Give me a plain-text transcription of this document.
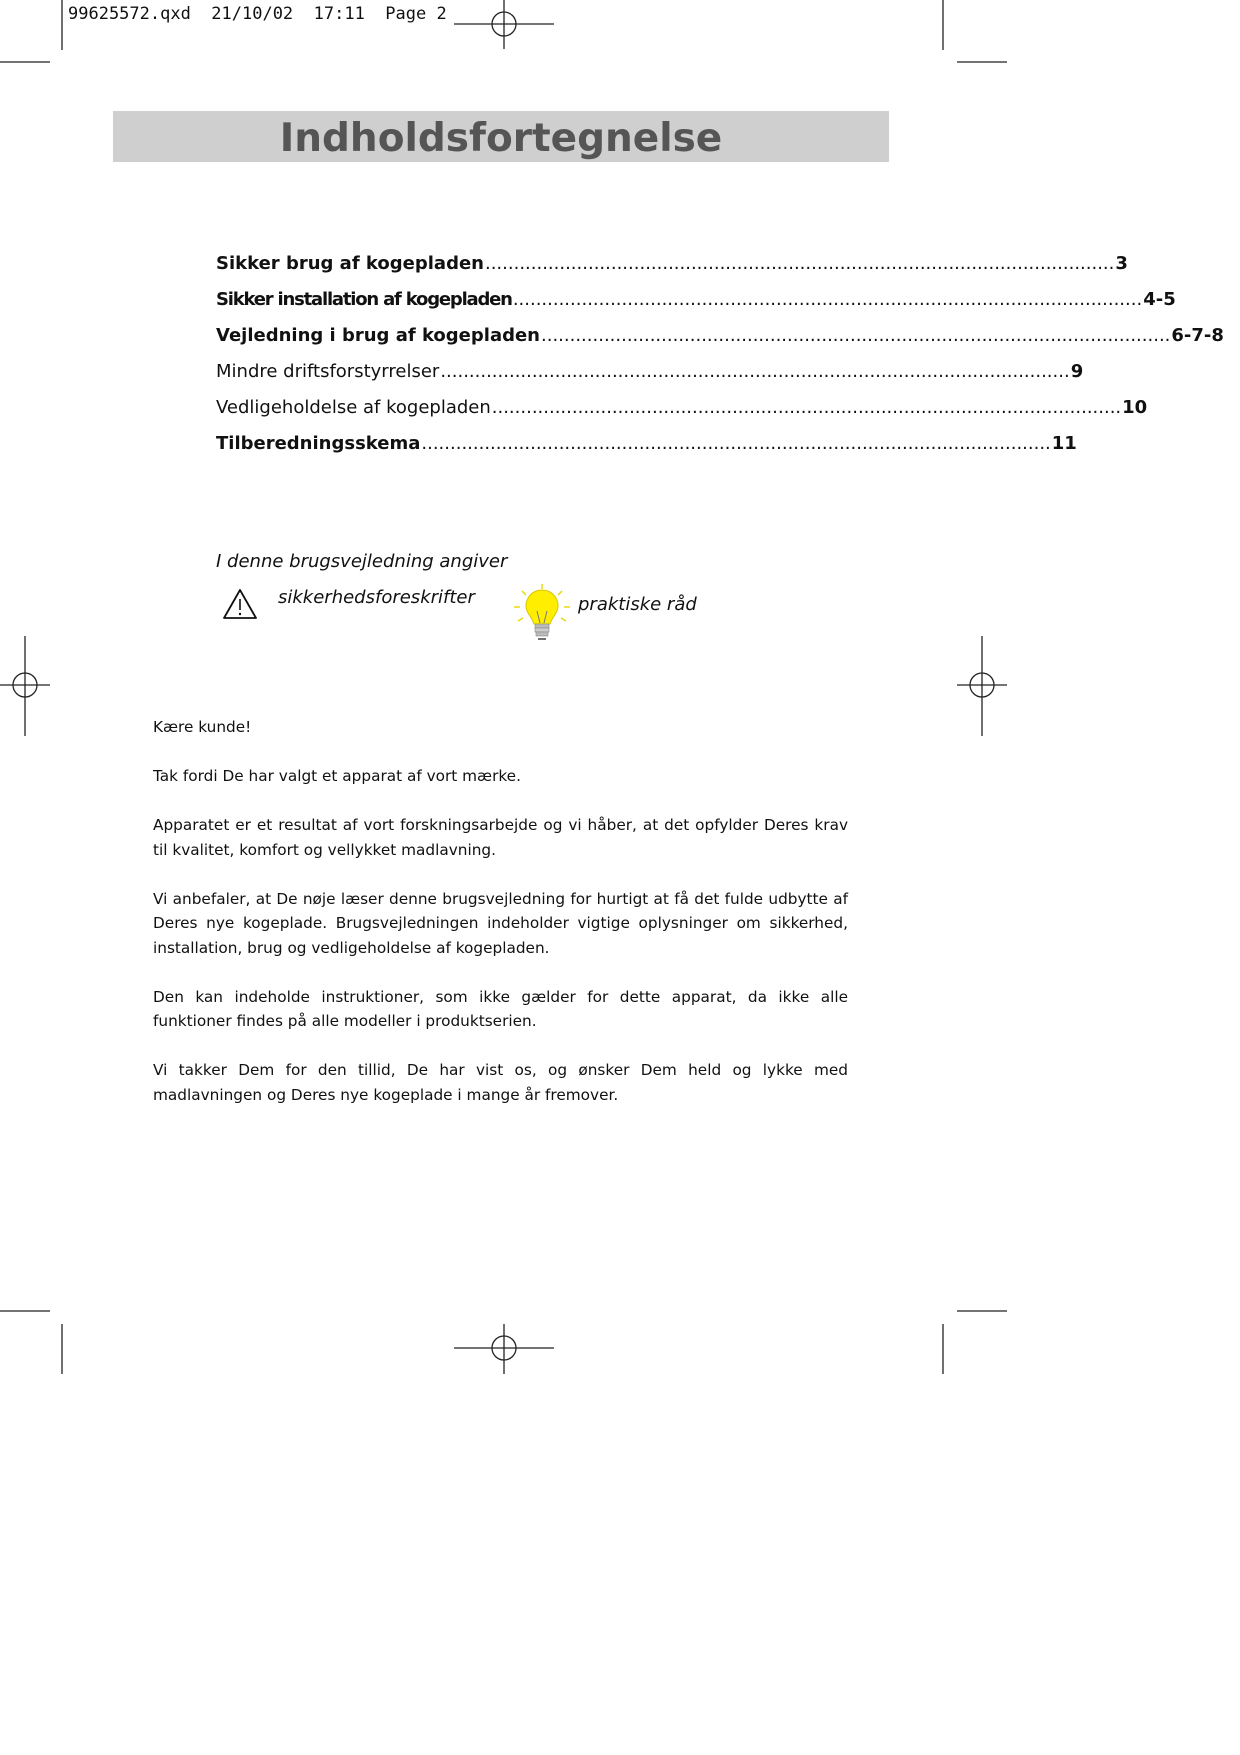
99625572.qxd  21/10/02  17:11  Page 2
Indholdsfortegnelse
Sikker brug af kogepladen .............................................................................................................. 3
Sikker installation af kogepladen .............................................................................................................. 4-5
Vejledning i brug af kogepladen .............................................................................................................. 6-7-8
Mindre driftsforstyrrelser .............................................................................................................. 9
Vedligeholdelse af kogepladen .............................................................................................................. 10
Tilberedningsskema .............................................................................................................. 11
I denne brugsvejledning angiver
sikkerhedsforeskrifter	praktiske råd

Kære kunde!

Tak fordi De har valgt et apparat af vort mærke.

Apparatet er et resultat af vort forskningsarbejde og vi håber, at det opfylder Deres krav til kvalitet, komfort og vellykket madlavning.

Vi anbefaler, at De nøje læser denne brugsvejledning for hurtigt at få det fulde udbytte af Deres nye kogeplade. Brugsvejledningen indeholder vigtige oplysninger om sikkerhed, installation, brug og vedligeholdelse af kogepladen.

Den kan indeholde instruktioner, som ikke gælder for dette apparat, da ikke alle funktioner findes på alle modeller i produktserien.

Vi takker Dem for den tillid, De har vist os, og ønsker Dem held og lykke med madlavningen og Deres nye kogeplade i mange år fremover.
